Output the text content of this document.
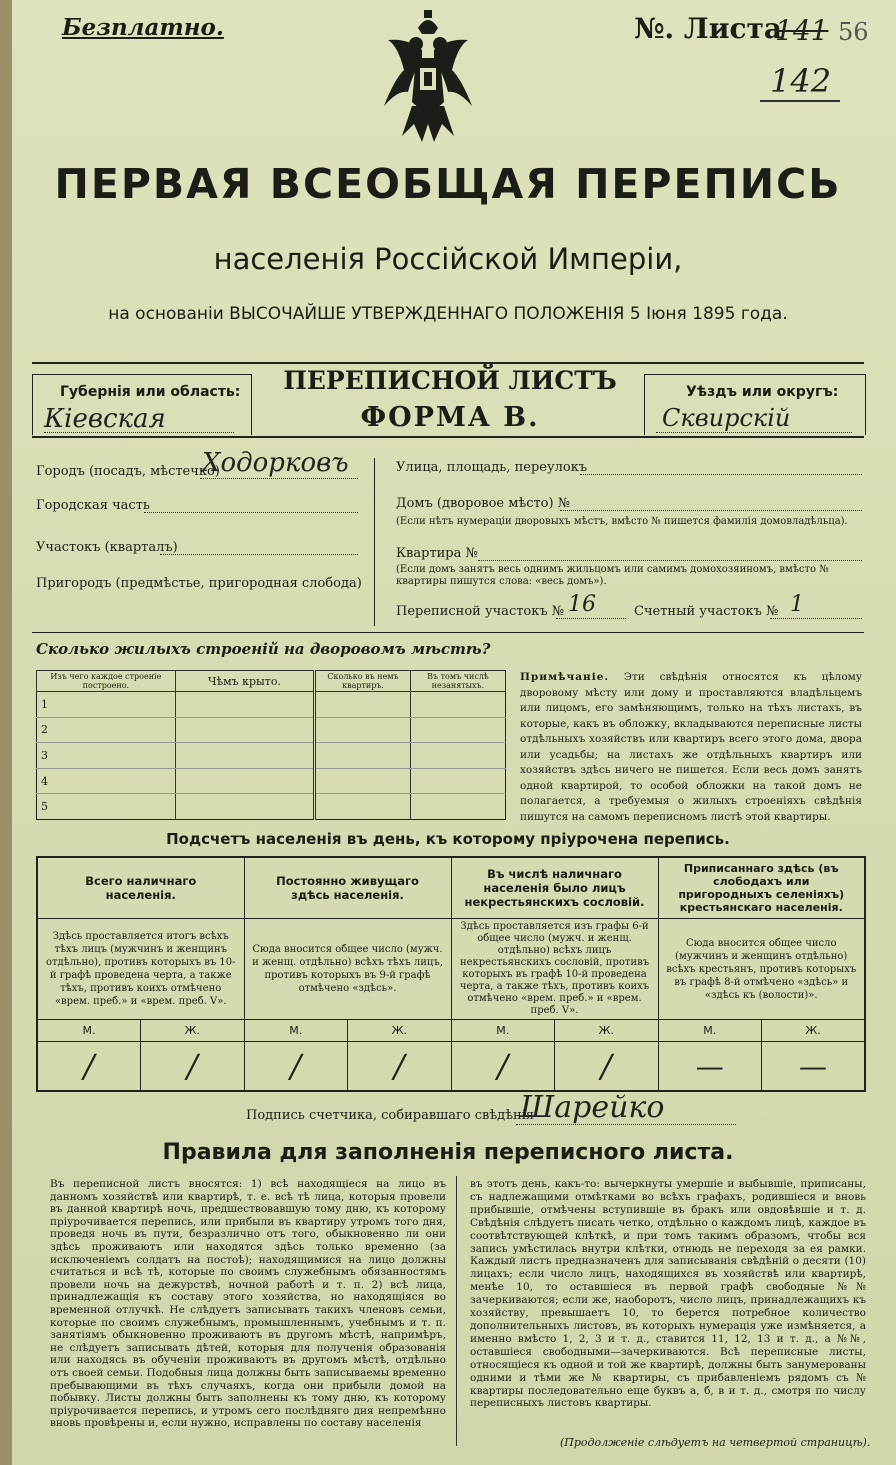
Безплатно.	№. Листа
141 56
142
ПЕРВАЯ ВСЕОБЩАЯ ПЕРЕПИСЬ
населенія Россійской Имперіи,
на основаніи ВЫСОЧАЙШЕ УТВЕРЖДЕННАГО ПОЛОЖЕНІЯ 5 Іюня 1895 года.
Губернія или область:
Кіевская
ПЕРЕПИСНОЙ ЛИСТЪ
ФОРМА В.
Уѣздъ или округъ:
Сквирскій
Городъ (посадъ, мѣстечко)
Ходорковъ
Городская часть
Участокъ (кварталъ)
Пригородъ (предмѣстье, пригородная слобода)
Улица, площадь, переулокъ
Домъ (дворовое мѣсто) №
(Если нѣтъ нумераціи дворовыхъ мѣстъ, вмѣсто № пишется фамилія домовладѣльца).
Квартира №
(Если домъ занятъ весь однимъ жильцомъ или самимъ домохозяиномъ, вмѣсто № квартиры пишутся слова: «весь домъ»).
Переписной участокъ № 16	Счетный участокъ № 1
Сколько жилыхъ строеній на дворовомъ мѣстѣ?
Изъ чего каждое строеніе построено.	Чѣмъ крыто.	Сколько въ немъ квартиръ.	Въ томъ числѣ незанятыхъ.
1			
2			
3			
4			
5			
Примѣчаніе. Эти свѣдѣнія относятся къ цѣлому дворовому мѣсту или дому и проставляются владѣльцемъ или лицомъ, его замѣняющимъ, только на тѣхъ листахъ, въ которые, какъ въ обложку, вкладываются переписные листы отдѣльныхъ хозяйствъ или квартиръ всего этого дома, двора или усадьбы; на листахъ же отдѣльныхъ квартиръ или хозяйствъ здѣсь ничего не пишется. Если весь домъ занятъ одной квартирой, то особой обложки на такой домъ не полагается, а требуемыя о жилыхъ строеніяхъ свѣдѣнія пишутся на самомъ переписномъ листѣ этой квартиры.
Подсчетъ населенія въ день, къ которому пріурочена перепись.
Всего наличнаго населенія.		Постоянно живущаго здѣсь населенія.		Въ числѣ наличнаго населенія было лицъ некрестьянскихъ сословій.		Приписаннаго здѣсь (въ слободахъ или пригородныхъ селеніяхъ) крестьянскаго населенія.	
Здѣсь проставляется итогъ всѣхъ тѣхъ лицъ (мужчинъ и женщинъ отдѣльно), противъ которыхъ въ 10-й графѣ проведена черта, а также тѣхъ, противъ коихъ отмѣчено «врем. преб.» и «врем. преб. V».		Сюда вносится общее число (мужч. и женщ. отдѣльно) всѣхъ тѣхъ лицъ, противъ которыхъ въ 9-й графѣ отмѣчено «здѣсь».		Здѣсь проставляется изъ графы 6-й общее число (мужч. и женщ. отдѣльно) всѣхъ лицъ некрестьянскихъ сословій, противъ которыхъ въ графѣ 10-й проведена черта, а также тѣхъ, противъ коихъ отмѣчено «врем. преб.» и «врем. преб. V».		Сюда вносится общее число (мужчинъ и женщинъ отдѣльно) всѣхъ крестьянъ, противъ которыхъ въ графѣ 8-й отмѣчено «здѣсь» и «здѣсь къ (волости)».	
М.	Ж.	М.	Ж.	М.	Ж.	М.	Ж.
/	/	/	/	/	/	—	—
Подпись счетчика, собиравшаго свѣдѣнія
Шарейко
Правила для заполненія переписного листа.
Въ переписной листъ вносятся: 1) всѣ находящіеся на лицо въ данномъ хозяйствѣ или квартирѣ, т. е. всѣ тѣ лица, которыя провели въ данной квартирѣ ночь, предшествовавшую тому дню, къ которому пріурочивается перепись, или прибыли въ квартиру утромъ того дня, проведя ночь въ пути, безразлично отъ того, обыкновенно ли они здѣсь проживаютъ или находятся здѣсь только временно (за исключеніемъ солдатъ на постоѣ); находящимися на лицо должны считаться и всѣ тѣ, которые по своимъ служебнымъ обязанностямъ провели ночь на дежурствѣ, ночной работѣ и т. п. 2) всѣ лица, принадлежащія къ составу этого хозяйства, но находящіяся во временной отлучкѣ. Не слѣдуетъ записывать такихъ членовъ семьи, которые по своимъ служебнымъ, промышленнымъ, учебнымъ и т. п. занятіямъ обыкновенно проживаютъ въ другомъ мѣстѣ, напримѣръ, не слѣдуетъ записывать дѣтей, которыя для полученія образованія или находясь въ обученіи проживаютъ въ другомъ мѣстѣ, отдѣльно отъ своей семьи. Подобныя лица должны быть записываемы временно пребывающими въ тѣхъ случаяхъ, когда они прибыли домой на побывку. Листы должны быть заполнены къ тому дню, къ которому пріурочивается перепись, и утромъ сего послѣдняго дня непремѣнно вновь провѣрены и, если нужно, исправлены по составу населенія
въ этотъ день, какъ-то: вычеркнуты умершіе и выбывшіе, приписаны, съ надлежащими отмѣтками во всѣхъ графахъ, родившіеся и вновь прибывшіе, отмѣчены вступившіе въ бракъ или овдовѣвшіе и т. д. Свѣдѣнія слѣдуетъ писать четко, отдѣльно о каждомъ лицѣ, каждое въ соотвѣтствующей клѣткѣ, и при томъ такимъ образомъ, чтобы вся запись умѣстилась внутри клѣтки, отнюдь не переходя за ея рамки. Каждый листъ предназначенъ для записыванія свѣдѣній о десяти (10) лицахъ; если число лицъ, находящихся въ хозяйствѣ или квартирѣ, менѣе 10, то оставшіеся въ первой графѣ свободные №№ зачеркиваются; если же, наоборотъ, число лицъ, принадлежащихъ къ хозяйству, превышаетъ 10, то берется потребное количество дополнительныхъ листовъ, въ которыхъ нумерація уже измѣняется, а именно вмѣсто 1, 2, 3 и т. д., ставится 11, 12, 13 и т. д., а №№, оставшіеся свободными—зачеркиваются. Всѣ переписные листы, относящіеся къ одной и той же квартирѣ, должны быть занумерованы одними и тѣми же № квартиры, съ прибавленіемъ рядомъ съ № квартиры последовательно еще буквъ а, б, в и т. д., смотря по числу переписныхъ листовъ квартиры.
(Продолженіе слѣдуетъ на четвертой страницѣ).
